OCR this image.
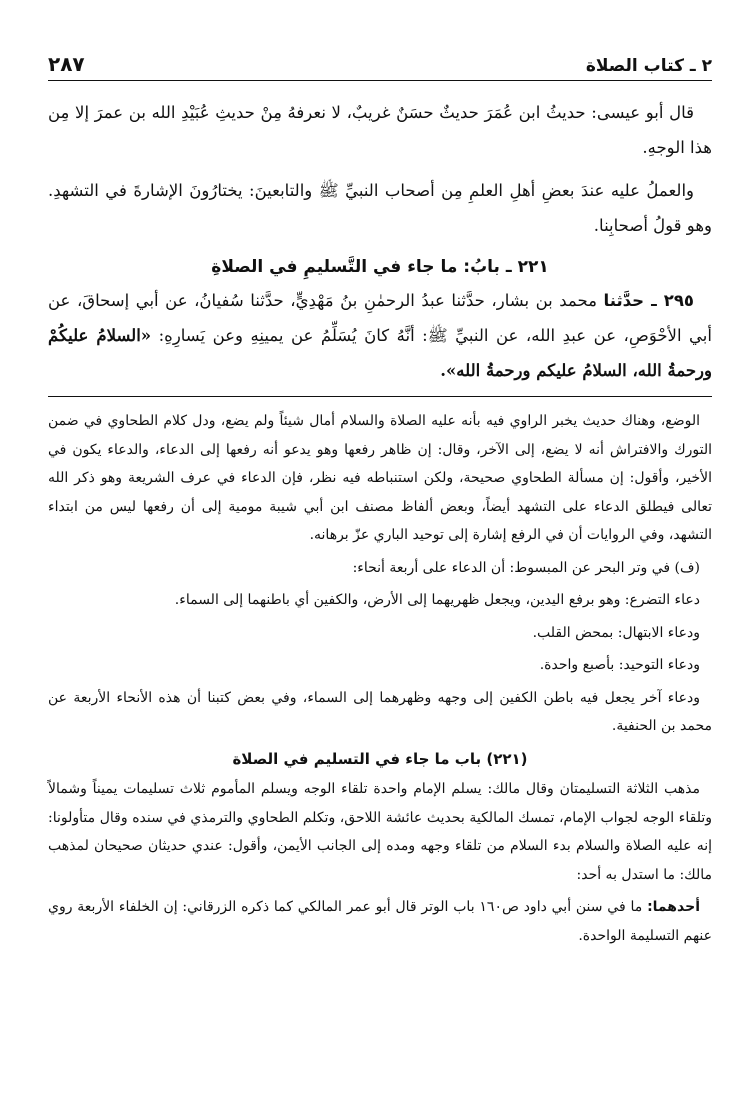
٢ ـ كتاب الصلاة
٢٨٧

قال أبو عيسى: حديثُ ابن عُمَرَ حديثٌ حسَنٌ غريبٌ، لا نعرفهُ مِنْ حديثِ عُبَيْدِ الله بن عمرَ إلا مِن هذا الوجهِ.

والعملُ عليه عندَ بعضِ أهلِ العلمِ مِن أصحاب النبيِّ ﷺ والتابعينَ: يختارُونَ الإشارةَ في التشهدِ. وهو قولُ أصحابِنا.

٢٢١ ـ بابُ: ما جاء في التَّسليمِ في الصلاةِ

٢٩٥ ـ حدَّثنا محمد بن بشار، حدَّثنا عبدُ الرحمٰنِ بنُ مَهْدِيٍّ، حدَّثنا سُفيانُ، عن أبي إسحاقَ، عن أبي الأحْوَصِ، عن عبدِ الله، عن النبيِّ ﷺ: أنَّهُ كانَ يُسَلِّمُ عن يمينِهِ وعن يَسارِهِ: «السلامُ عليكُمْ ورحمةُ الله، السلامُ عليكم ورحمةُ الله».

الوضع، وهناك حديث يخبر الراوي فيه بأنه عليه الصلاة والسلام أمال شيئاً ولم يضع، ودل كلام الطحاوي في ضمن التورك والافتراش أنه لا يضع، إلى الآخر، وقال: إن ظاهر رفعها وهو يدعو أنه رفعها إلى الدعاء، والدعاء يكون في الأخير، وأقول: إن مسألة الطحاوي صحيحة، ولكن استنباطه فيه نظر، فإن الدعاء في عرف الشريعة وهو ذكر الله تعالى فيطلق الدعاء على التشهد أيضاً، وبعض ألفاظ مصنف ابن أبي شيبة مومية إلى أن رفعها ليس من ابتداء التشهد، وفي الروايات أن في الرفع إشارة إلى توحيد الباري عزّ برهانه.

(ف) في وتر البحر عن المبسوط: أن الدعاء على أربعة أنحاء:

دعاء التضرع: وهو برفع اليدين، ويجعل ظهريهما إلى الأرض، والكفين أي باطنهما إلى السماء.

ودعاء الابتهال: بمحض القلب.

ودعاء التوحيد: بأصبع واحدة.

ودعاء آخر يجعل فيه باطن الكفين إلى وجهه وظهرهما إلى السماء، وفي بعض كتبنا أن هذه الأنحاء الأربعة عن محمد بن الحنفية.

(٢٢١) باب ما جاء في التسليم في الصلاة

مذهب الثلاثة التسليمتان وقال مالك: يسلم الإمام واحدة تلقاء الوجه ويسلم المأموم ثلاث تسليمات يميناً وشمالاً وتلقاء الوجه لجواب الإمام، تمسك المالكية بحديث عائشة اللاحق، وتكلم الطحاوي والترمذي في سنده وقال متأولونا: إنه عليه الصلاة والسلام بدء السلام من تلقاء وجهه ومده إلى الجانب الأيمن، وأقول: عندي حديثان صحيحان لمذهب مالك: ما استدل به أحد:

أحدهما: ما في سنن أبي داود ص١٦٠ باب الوتر قال أبو عمر المالكي كما ذكره الزرقاني: إن الخلفاء الأربعة روي عنهم التسليمة الواحدة.
